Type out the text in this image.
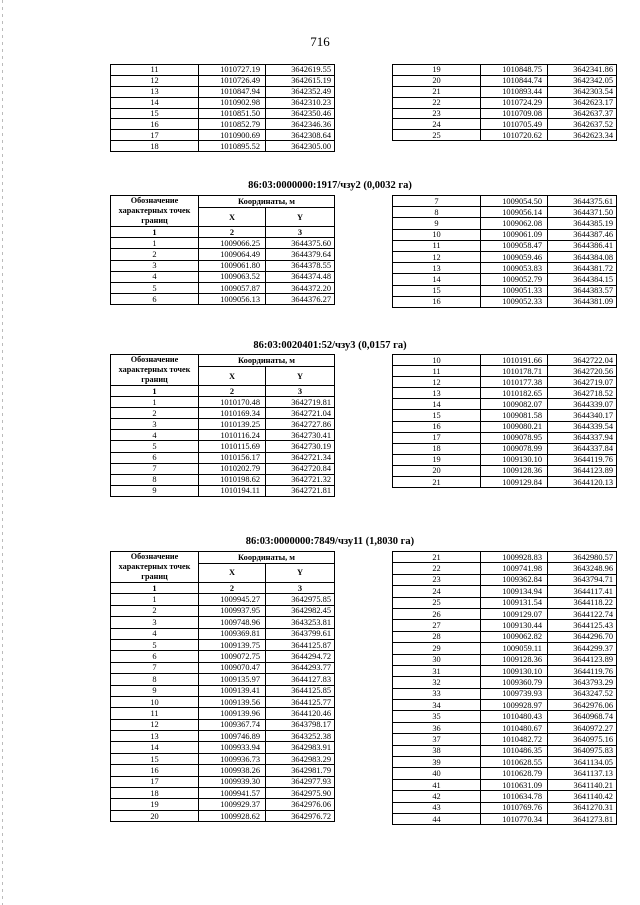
716
11	1010727.19	3642619.55
12	1010726.49	3642615.19
13	1010847.94	3642352.49
14	1010902.98	3642310.23
15	1010851.50	3642350.46
16	1010852.79	3642346.36
17	1010900.69	3642308.64
18	1010895.52	3642305.00
19	1010848.75	3642341.86
20	1010844.74	3642342.05
21	1010893.44	3642303.54
22	1010724.29	3642623.17
23	1010709.08	3642637.37
24	1010705.49	3642637.52
25	1010720.62	3642623.34
86:03:0000000:1917/чзу2 (0,0032 га)
Обозначение характерных точек границ	Координаты, м	
	X	Y
1	2	3
1	1009066.25	3644375.60
2	1009064.49	3644379.64
3	1009061.80	3644378.55
4	1009063.52	3644374.48
5	1009057.87	3644372.20
6	1009056.13	3644376.27
7	1009054.50	3644375.61
8	1009056.14	3644371.50
9	1009062.08	3644385.19
10	1009061.09	3644387.46
11	1009058.47	3644386.41
12	1009059.46	3644384.08
13	1009053.83	3644381.72
14	1009052.79	3644384.15
15	1009051.33	3644383.57
16	1009052.33	3644381.09
86:03:0020401:52/чзу3 (0,0157 га)
Обозначение характерных точек границ	Координаты, м	
	X	Y
1	2	3
1	1010170.48	3642719.81
2	1010169.34	3642721.04
3	1010139.25	3642727.86
4	1010116.24	3642730.41
5	1010115.69	3642730.19
6	1010156.17	3642721.34
7	1010202.79	3642720.84
8	1010198.62	3642721.32
9	1010194.11	3642721.81
10	1010191.66	3642722.04
11	1010178.71	3642720.56
12	1010177.38	3642719.07
13	1010182.65	3642718.52
14	1009082.07	3644339.07
15	1009081.58	3644340.17
16	1009080.21	3644339.54
17	1009078.95	3644337.94
18	1009078.99	3644337.84
19	1009130.10	3644119.76
20	1009128.36	3644123.89
21	1009129.84	3644120.13
86:03:0000000:7849/чзу11 (1,8030 га)
Обозначение характерных точек границ	Координаты, м	
	X	Y
1	2	3
1	1009945.27	3642975.85
2	1009937.95	3642982.45
3	1009748.96	3643253.81
4	1009369.81	3643799.61
5	1009139.75	3644125.87
6	1009072.75	3644294.72
7	1009070.47	3644293.77
8	1009135.97	3644127.83
9	1009139.41	3644125.85
10	1009139.56	3644125.77
11	1009139.96	3644120.46
12	1009367.74	3643798.17
13	1009746.89	3643252.38
14	1009933.94	3642983.91
15	1009936.73	3642983.29
16	1009938.26	3642981.79
17	1009939.30	3642977.93
18	1009941.57	3642975.90
19	1009929.37	3642976.06
20	1009928.62	3642976.72
21	1009928.83	3642980.57
22	1009741.98	3643248.96
23	1009362.84	3643794.71
24	1009134.94	3644117.41
25	1009131.54	3644118.22
26	1009129.07	3644122.74
27	1009130.44	3644125.43
28	1009062.82	3644296.70
29	1009059.11	3644299.37
30	1009128.36	3644123.89
31	1009130.10	3644119.76
32	1009360.79	3643793.29
33	1009739.93	3643247.52
34	1009928.97	3642976.06
35	1010480.43	3640968.74
36	1010480.67	3640972.27
37	1010482.72	3640975.16
38	1010486.35	3640975.83
39	1010628.55	3641134.05
40	1010628.79	3641137.13
41	1010631.09	3641140.21
42	1010634.78	3641140.42
43	1010769.76	3641270.31
44	1010770.34	3641273.81
